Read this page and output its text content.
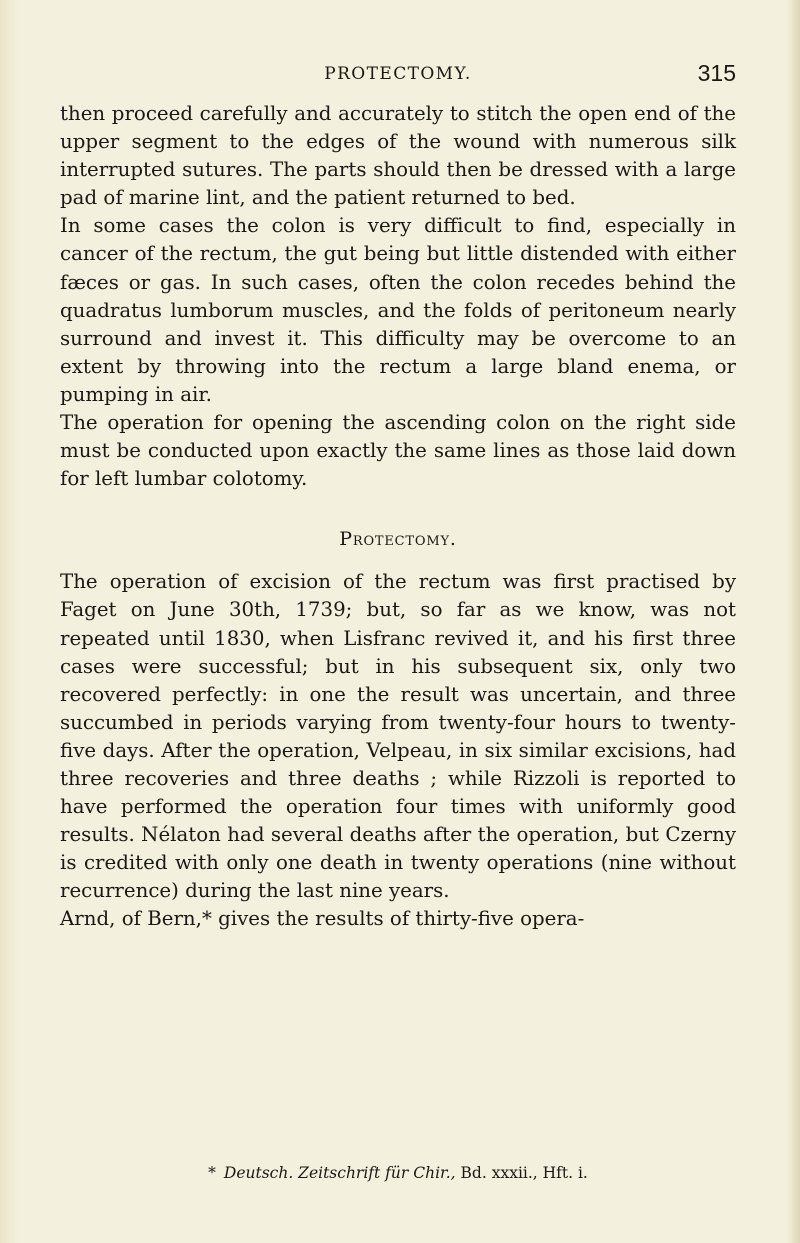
PROTECTOMY.	315

then proceed carefully and accurately to stitch the open end of the upper segment to the edges of the wound with numerous silk interrupted sutures. The parts should then be dressed with a large pad of marine lint, and the patient returned to bed.

In some cases the colon is very difficult to find, especially in cancer of the rectum, the gut being but little distended with either fæces or gas. In such cases, often the colon recedes behind the quadratus lumborum muscles, and the folds of peritoneum nearly surround and invest it. This difficulty may be overcome to an extent by throwing into the rectum a large bland enema, or pumping in air.

The operation for opening the ascending colon on the right side must be conducted upon exactly the same lines as those laid down for left lumbar colotomy.

Protectomy.

The operation of excision of the rectum was first practised by Faget on June 30th, 1739; but, so far as we know, was not repeated until 1830, when Lisfranc revived it, and his first three cases were successful; but in his subsequent six, only two recovered perfectly: in one the result was uncertain, and three succumbed in periods varying from twenty-four hours to twenty-five days. After the operation, Velpeau, in six similar excisions, had three recoveries and three deaths ; while Rizzoli is reported to have performed the operation four times with uniformly good results. Nélaton had several deaths after the operation, but Czerny is credited with only one death in twenty operations (nine without recurrence) during the last nine years.

Arnd, of Bern,* gives the results of thirty-five opera-

* Deutsch. Zeitschrift für Chir., Bd. xxxii., Hft. i.
